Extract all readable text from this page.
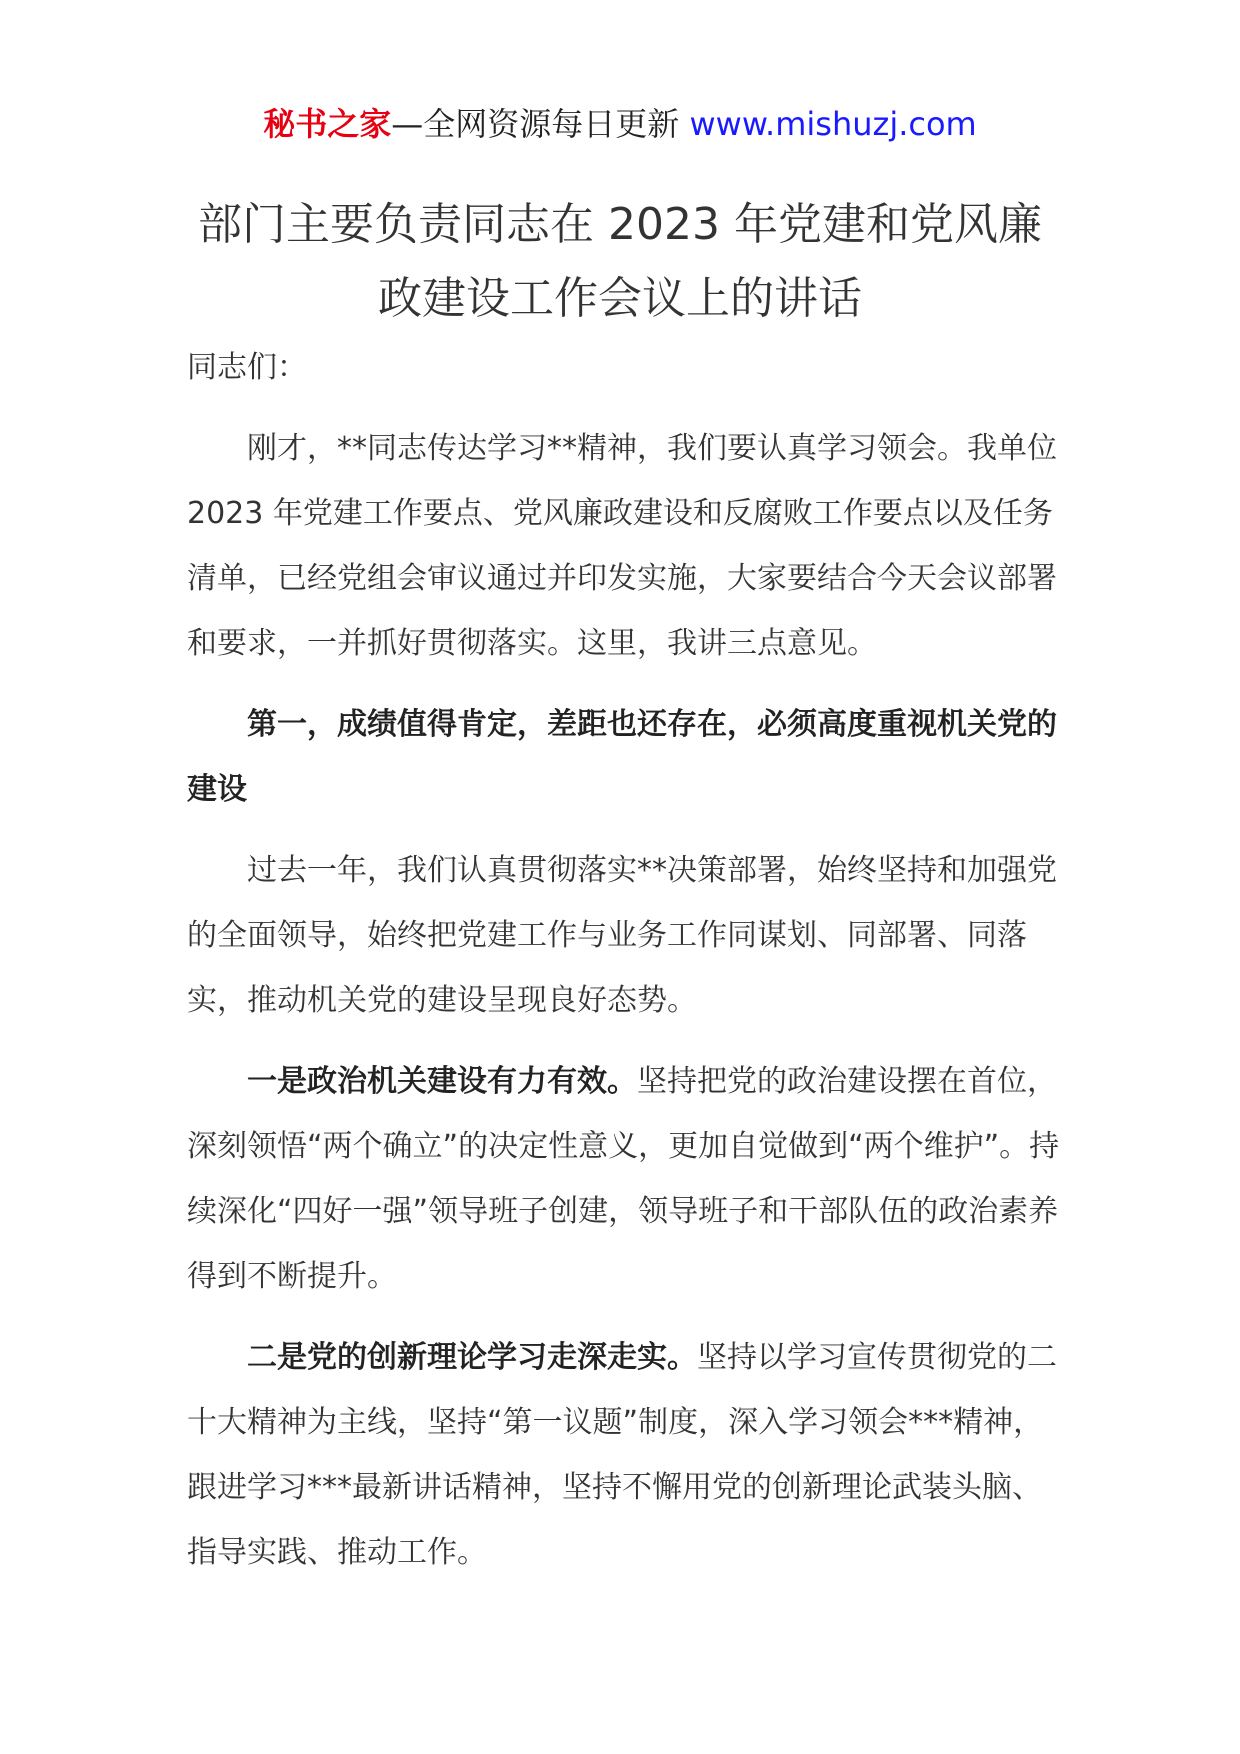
秘书之家—全网资源每日更新 www.mishuzj.com
部门主要负责同志在 2023 年党建和党风廉
政建设工作会议上的讲话

同志们：

刚才，**同志传达学习**精神，我们要认真学习领会。我单位 2023 年党建工作要点、党风廉政建设和反腐败工作要点以及任务清单，已经党组会审议通过并印发实施，大家要结合今天会议部署和要求，一并抓好贯彻落实。这里，我讲三点意见。

第一，成绩值得肯定，差距也还存在，必须高度重视机关党的建设

过去一年，我们认真贯彻落实**决策部署，始终坚持和加强党的全面领导，始终把党建工作与业务工作同谋划、同部署、同落实，推动机关党的建设呈现良好态势。

一是政治机关建设有力有效。坚持把党的政治建设摆在首位，深刻领悟“两个确立”的决定性意义，更加自觉做到“两个维护”。持续深化“四好一强”领导班子创建，领导班子和干部队伍的政治素养得到不断提升。

二是党的创新理论学习走深走实。坚持以学习宣传贯彻党的二十大精神为主线，坚持“第一议题”制度，深入学习领会***精神，跟进学习***最新讲话精神，坚持不懈用党的创新理论武装头脑、指导实践、推动工作。
